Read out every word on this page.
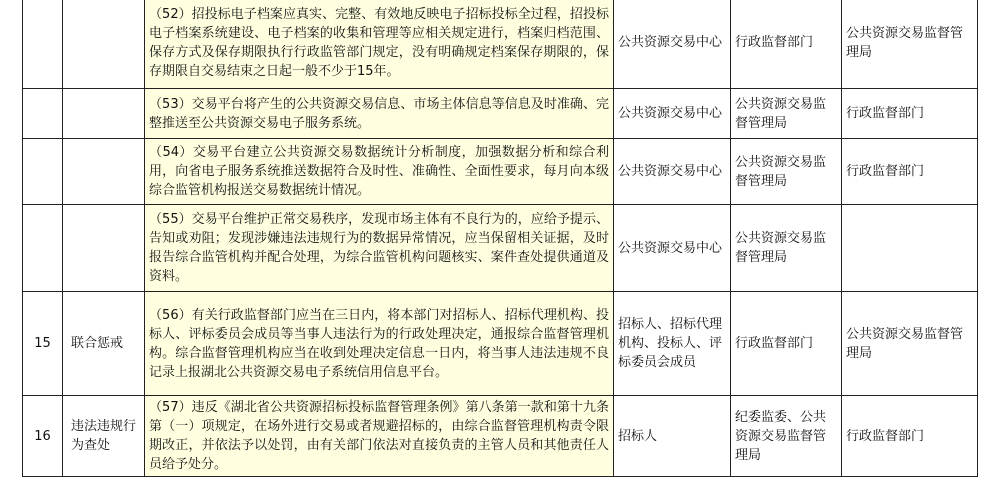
		（52）招投标电子档案应真实、完整、有效地反映电子招标投标全过程，招投标电子档案系统建设、电子档案的收集和管理等应相关规定进行，档案归档范围、保存方式及保存期限执行行政监管部门规定，没有明确规定档案保存期限的，保存期限自交易结束之日起一般不少于15年。	公共资源交易中心	行政监督部门	公共资源交易监督管理局
		（53）交易平台将产生的公共资源交易信息、市场主体信息等信息及时准确、完整推送至公共资源交易电子服务系统。	公共资源交易中心	公共资源交易监督管理局	行政监督部门
		（54）交易平台建立公共资源交易数据统计分析制度，加强数据分析和综合利用，向省电子服务系统推送数据符合及时性、准确性、全面性要求，每月向本级综合监管机构报送交易数据统计情况。	公共资源交易中心	公共资源交易监督管理局	行政监督部门
		（55）交易平台维护正常交易秩序，发现市场主体有不良行为的，应给予提示、告知或劝阻；发现涉嫌违法违规行为的数据异常情况，应当保留相关证据，及时报告综合监管机构并配合处理，为综合监管机构问题核实、案件查处提供通道及资料。	公共资源交易中心	公共资源交易监督管理局	
15	联合惩戒	（56）有关行政监督部门应当在三日内，将本部门对招标人、招标代理机构、投标人、评标委员会成员等当事人违法行为的行政处理决定，通报综合监督管理机构。综合监督管理机构应当在收到处理决定信息一日内，将当事人违法违规不良记录上报湖北公共资源交易电子系统信用信息平台。	招标人、招标代理机构、投标人、评标委员会成员	行政监督部门	公共资源交易监督管理局
16	违法违规行为查处	（57）违反《湖北省公共资源招标投标监督管理条例》第八条第一款和第十九条第（一）项规定，在场外进行交易或者规避招标的，由综合监督管理机构责令限期改正，并依法予以处罚，由有关部门依法对直接负责的主管人员和其他责任人员给予处分。	招标人	纪委监委、公共资源交易监督管理局	行政监督部门
